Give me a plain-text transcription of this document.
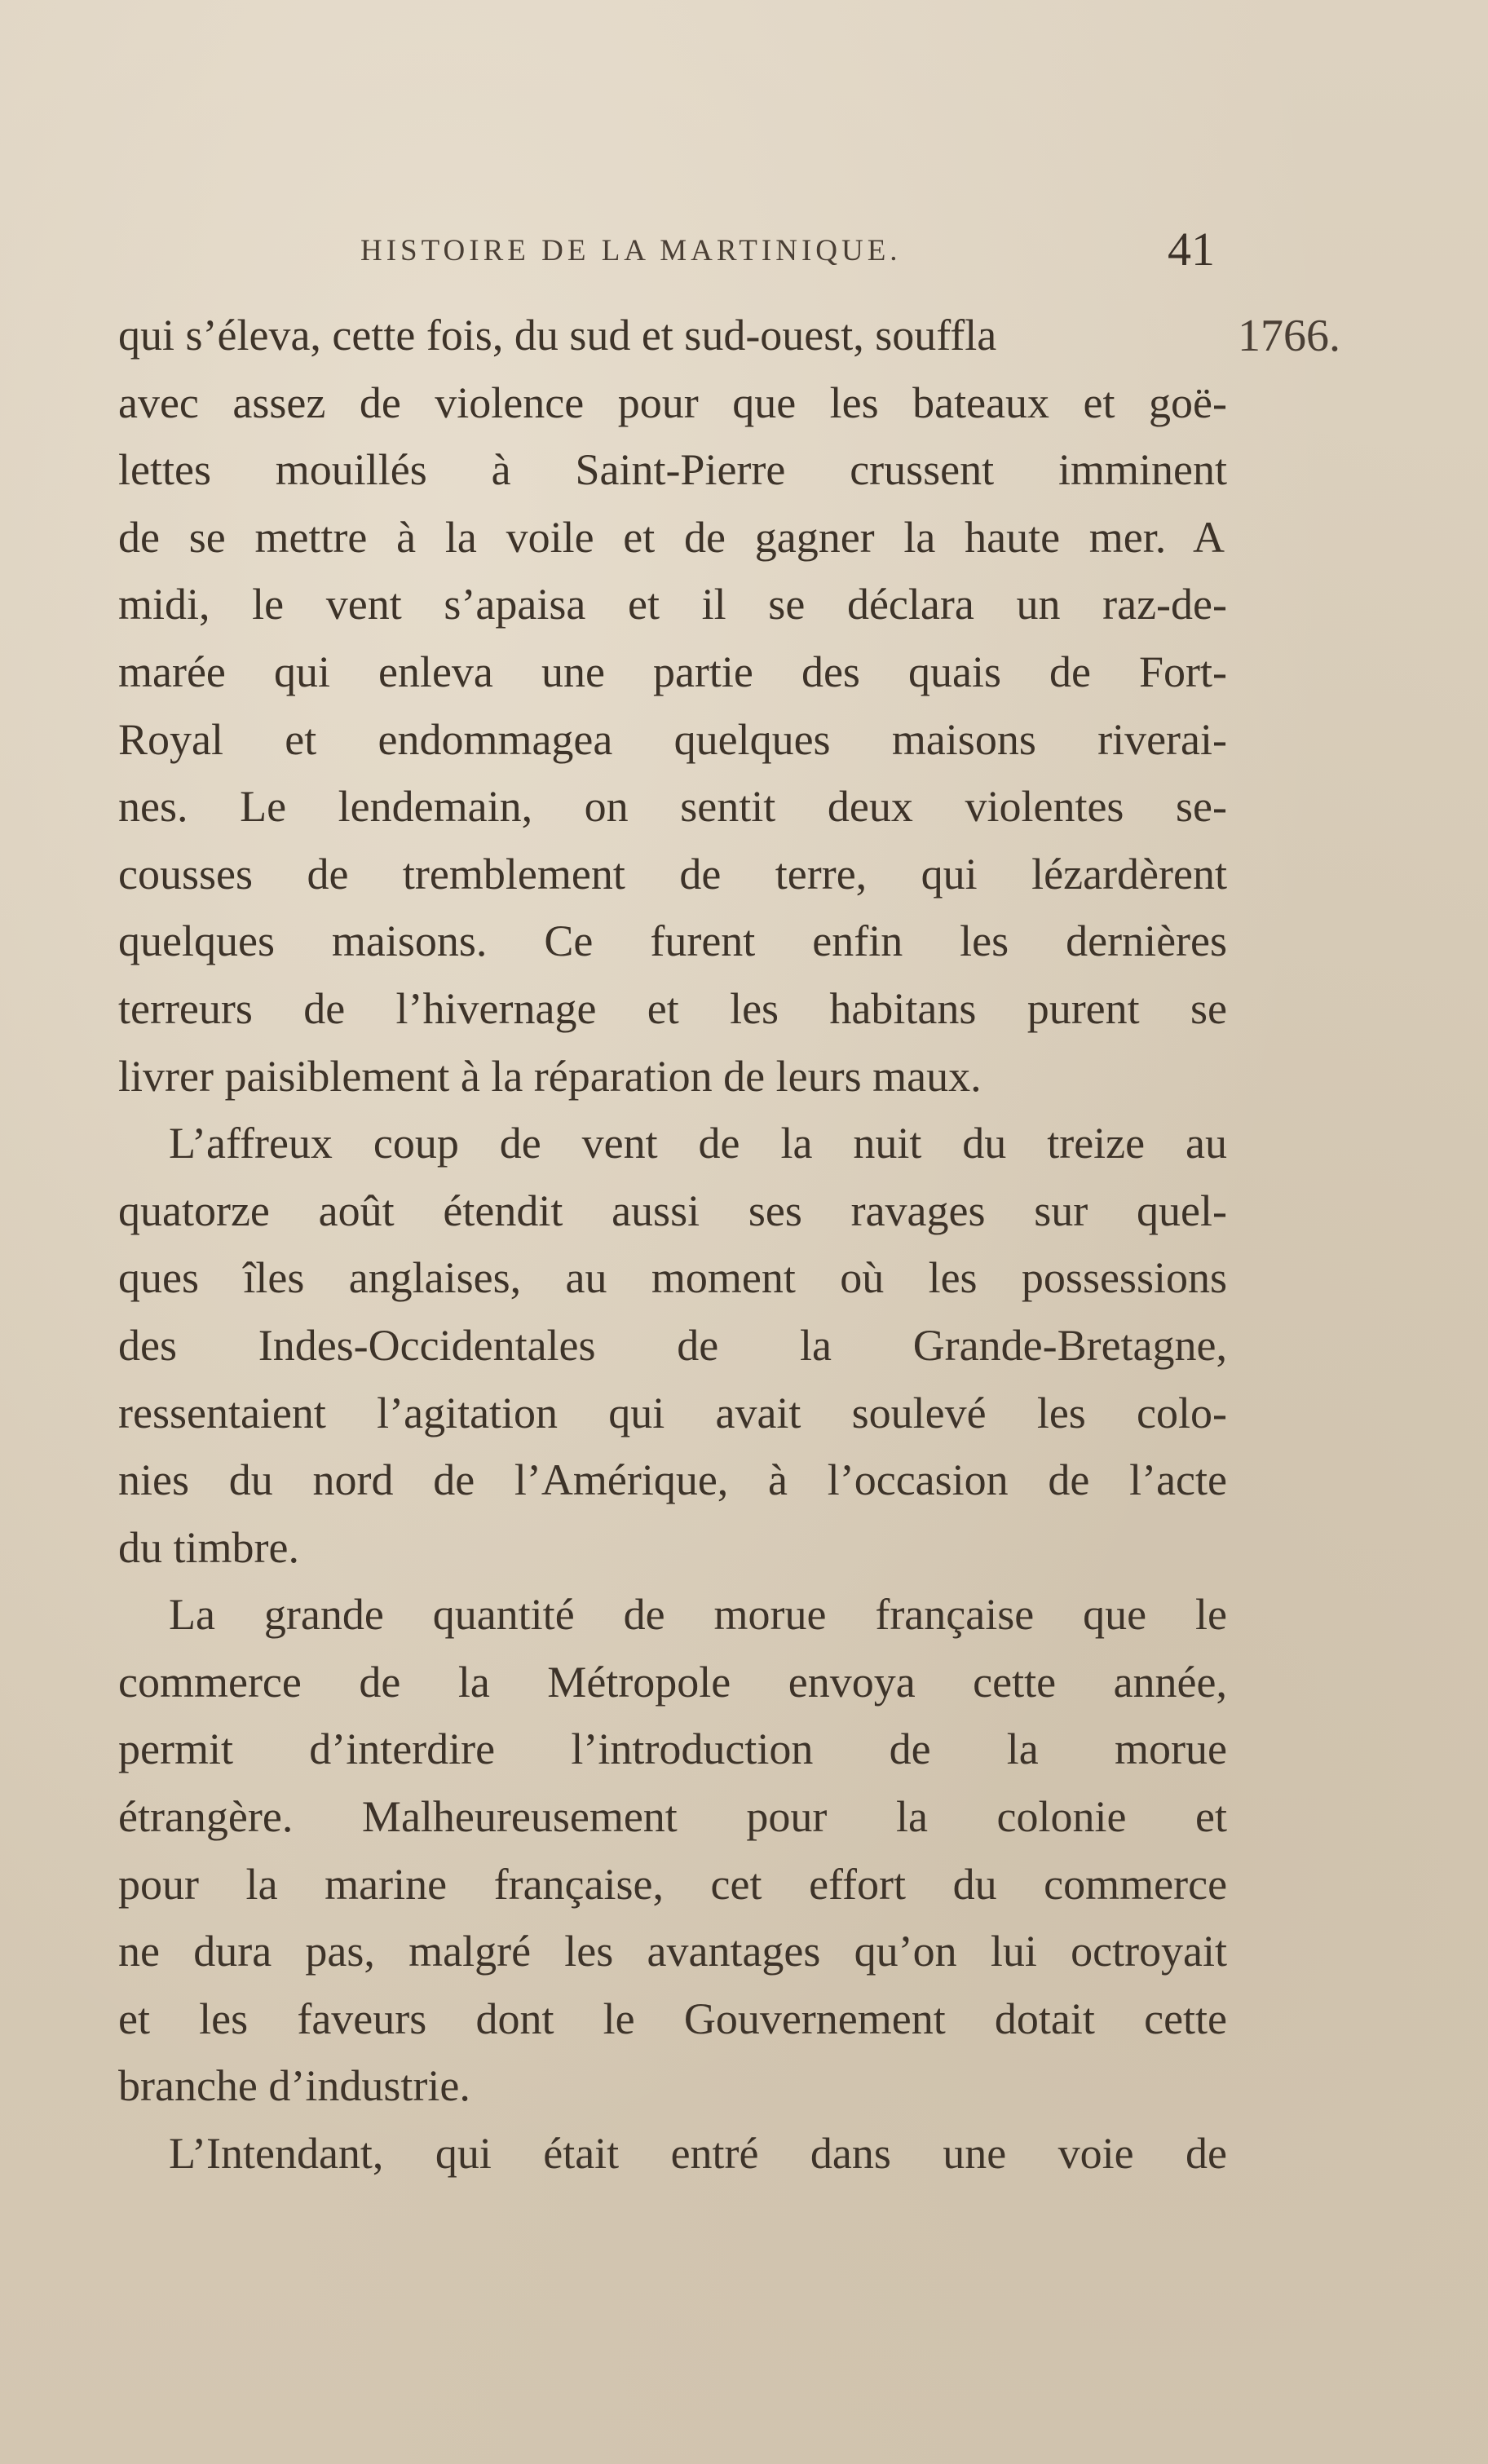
HISTOIRE DE LA MARTINIQUE.	41
1766.
qui s’éleva, cette fois, du sud et sud-ouest, souffla
avec assez de violence pour que les bateaux et goë-
lettes mouillés à Saint-Pierre crussent imminent
de se mettre à la voile et de gagner la haute mer. A
midi, le vent s’apaisa et il se déclara un raz-de-
marée qui enleva une partie des quais de Fort-
Royal et endommagea quelques maisons riverai-
nes. Le lendemain, on sentit deux violentes se-
cousses de tremblement de terre, qui lézardèrent
quelques maisons. Ce furent enfin les dernières
terreurs de l’hivernage et les habitans purent se
livrer paisiblement à la réparation de leurs maux.
L’affreux coup de vent de la nuit du treize au
quatorze août étendit aussi ses ravages sur quel-
ques îles anglaises, au moment où les possessions
des Indes-Occidentales de la Grande-Bretagne,
ressentaient l’agitation qui avait soulevé les colo-
nies du nord de l’Amérique, à l’occasion de l’acte
du timbre.
La grande quantité de morue française que le
commerce de la Métropole envoya cette année,
permit d’interdire l’introduction de la morue
étrangère. Malheureusement pour la colonie et
pour la marine française, cet effort du commerce
ne dura pas, malgré les avantages qu’on lui octroyait
et les faveurs dont le Gouvernement dotait cette
branche d’industrie.
L’Intendant, qui était entré dans une voie de
